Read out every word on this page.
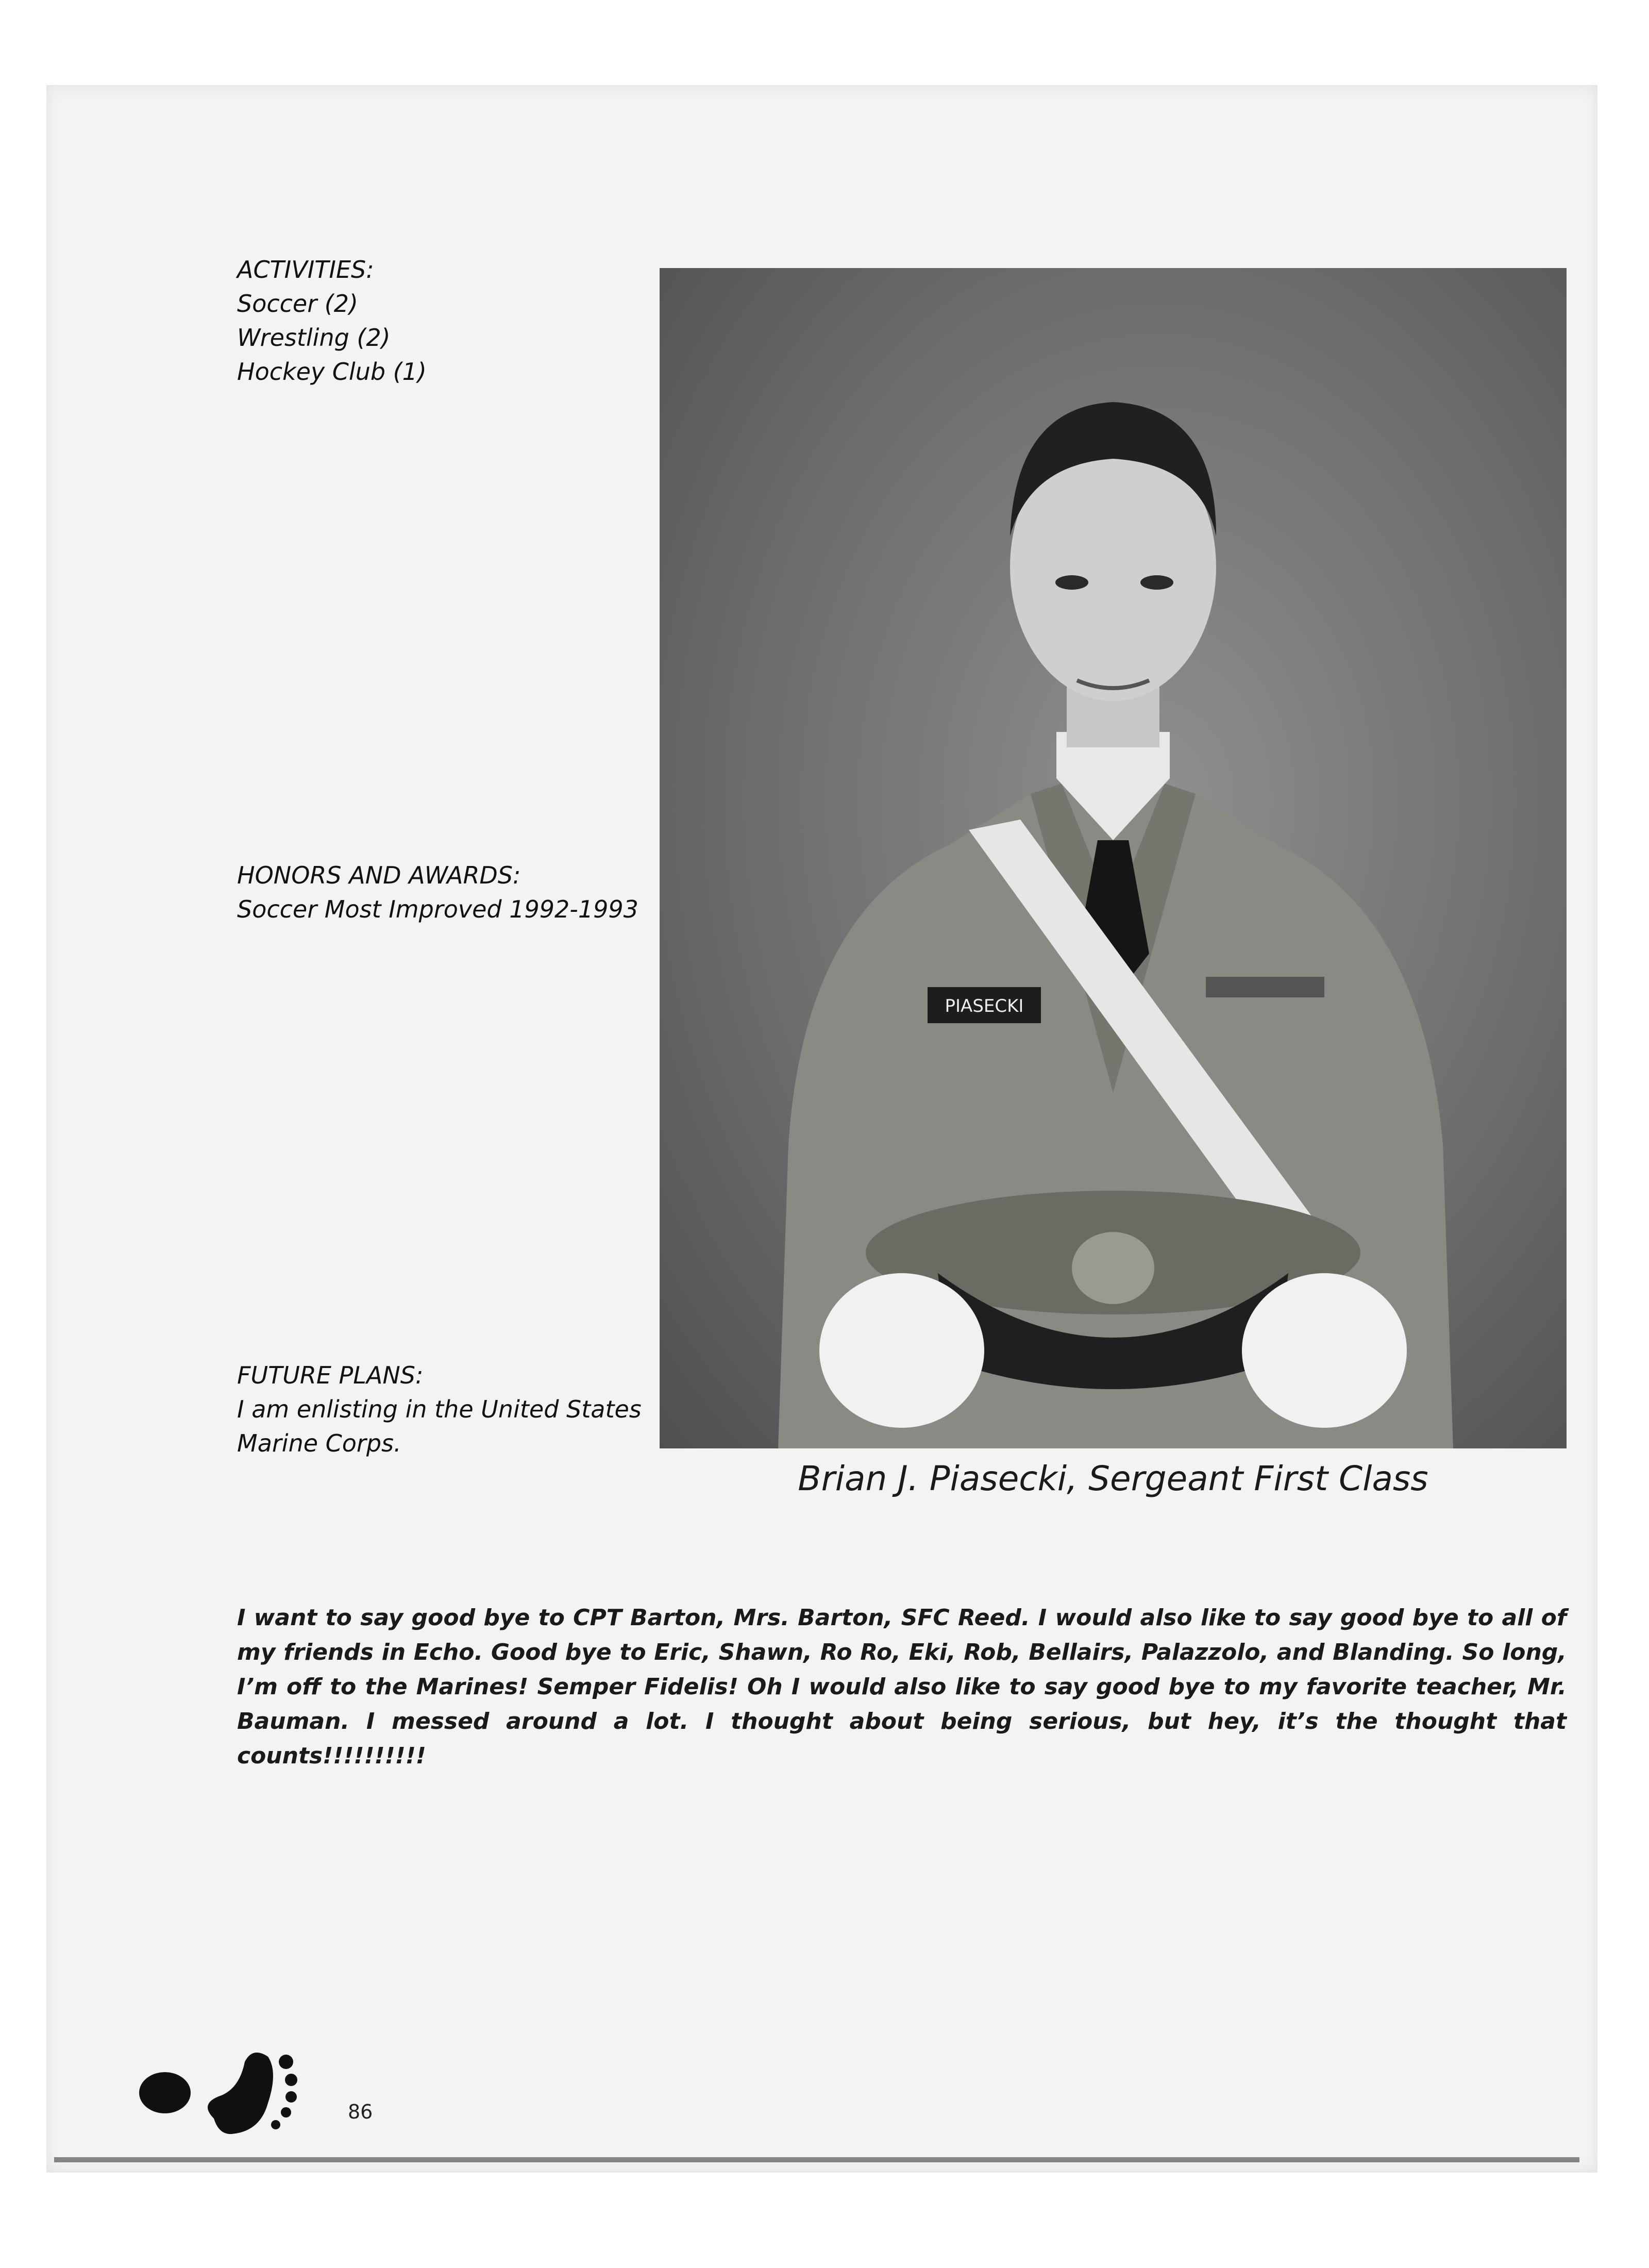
ACTIVITIES:
Soccer (2)
Wrestling (2)
Hockey Club (1)
HONORS AND AWARDS:
Soccer Most Improved 1992-1993
FUTURE PLANS:
I am enlisting in the United States
Marine Corps.
PIASECKI
Brian J. Piasecki, Sergeant First Class
I want to say good bye to CPT Barton, Mrs. Barton, SFC Reed. I would also like to say good bye to all of my friends in Echo. Good bye to Eric, Shawn, Ro Ro, Eki, Rob, Bellairs, Palazzolo, and Blanding. So long, I’m off to the Marines! Semper Fidelis! Oh I would also like to say good bye to my favorite teacher, Mr. Bauman. I messed around a lot. I thought about being serious, but hey, it’s the thought that counts!!!!!!!!!!
86
